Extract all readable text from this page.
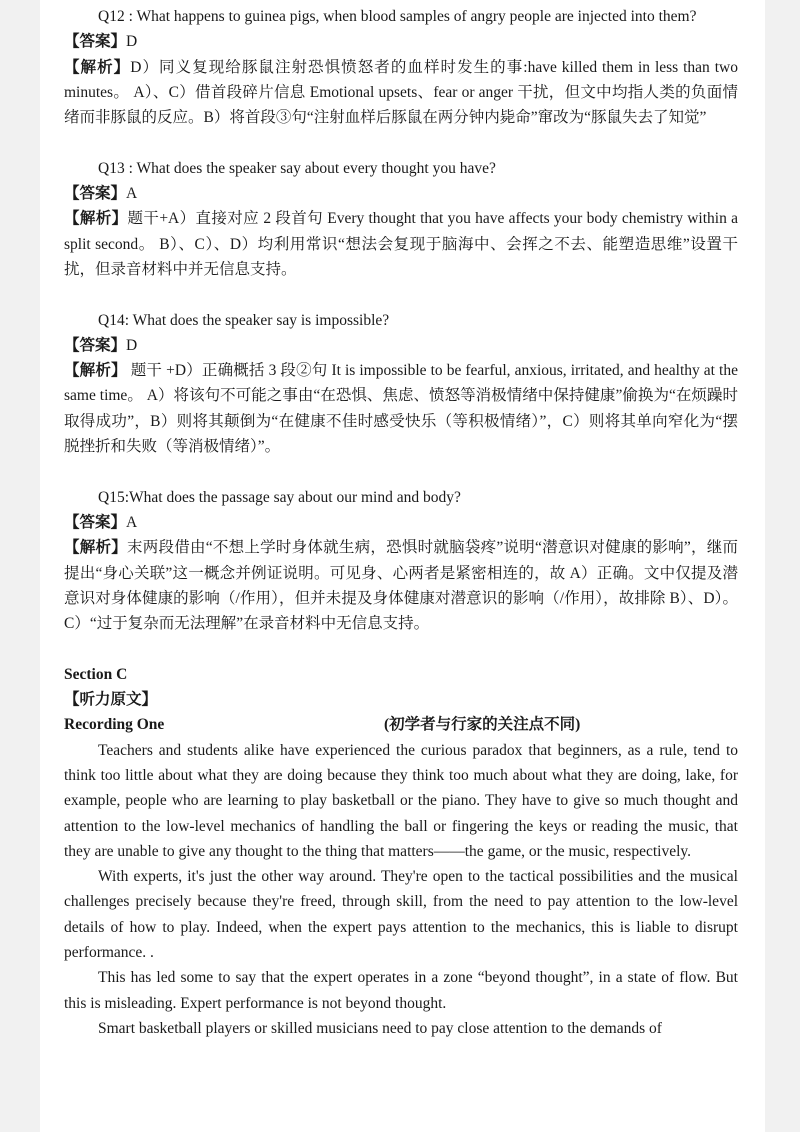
Q12 : What happens to guinea pigs, when blood samples of angry people are injected into them?

【答案】D

【解析】D）同义复现给豚鼠注射恐惧愤怒者的血样时发生的事:have killed them in less than two minutes。 A）、C）借首段碎片信息 Emotional upsets、fear or anger 干扰，但文中均指人类的负面情绪而非豚鼠的反应。B）将首段③句“注射血样后豚鼠在两分钟内毙命”窜改为“豚鼠失去了知觉”

Q13 : What does the speaker say about every thought you have?

【答案】A

【解析】题干+A）直接对应 2 段首句 Every thought that you have affects your body chemistry within a split second。 B）、C）、D）均利用常识“想法会复现于脑海中、会挥之不去、能塑造思维”设置干扰，但录音材料中并无信息支持。

Q14: What does the speaker say is impossible?

【答案】D

【解析】 题干 +D）正确概括 3 段②句 It is impossible to be fearful, anxious, irritated, and healthy at the same time。 A）将该句不可能之事由“在恐惧、焦虑、愤怒等消极情绪中保持健康”偷换为“在烦躁时取得成功”，B）则将其颠倒为“在健康不佳时感受快乐（等积极情绪）”，C）则将其单向窄化为“摆脱挫折和失败（等消极情绪）”。

Q15:What does the passage say about our mind and body?

【答案】A

【解析】末两段借由“不想上学时身体就生病，恐惧时就脑袋疼”说明“潜意识对健康的影响”，继而提出“身心关联”这一概念并例证说明。可见身、心两者是紧密相连的，故 A）正确。文中仅提及潜意识对身体健康的影响（/作用），但并未提及身体健康对潜意识的影响（/作用），故排除 B）、D）。C）“过于复杂而无法理解”在录音材料中无信息支持。

Section C

【听力原文】

Recording One	(初学者与行家的关注点不同)

Teachers and students alike have experienced the curious paradox that beginners, as a rule, tend to think too little about what they are doing because they think too much about what they are doing, lake, for example, people who are learning to play basketball or the piano. They have to give so much thought and attention to the low-level mechanics of handling the ball or fingering the keys or reading the music, that they are unable to give any thought to the thing that matters——the game, or the music, respectively.

With experts, it's just the other way around. They're open to the tactical possibilities and the musical challenges precisely because they're freed, through skill, from the need to pay attention to the low-level details of how to play. Indeed, when the expert pays attention to the mechanics, this is liable to disrupt performance. .

This has led some to say that the expert operates in a zone “beyond thought”, in a state of flow. But this is misleading. Expert performance is not beyond thought.

Smart basketball players or skilled musicians need to pay close attention to the demands of
